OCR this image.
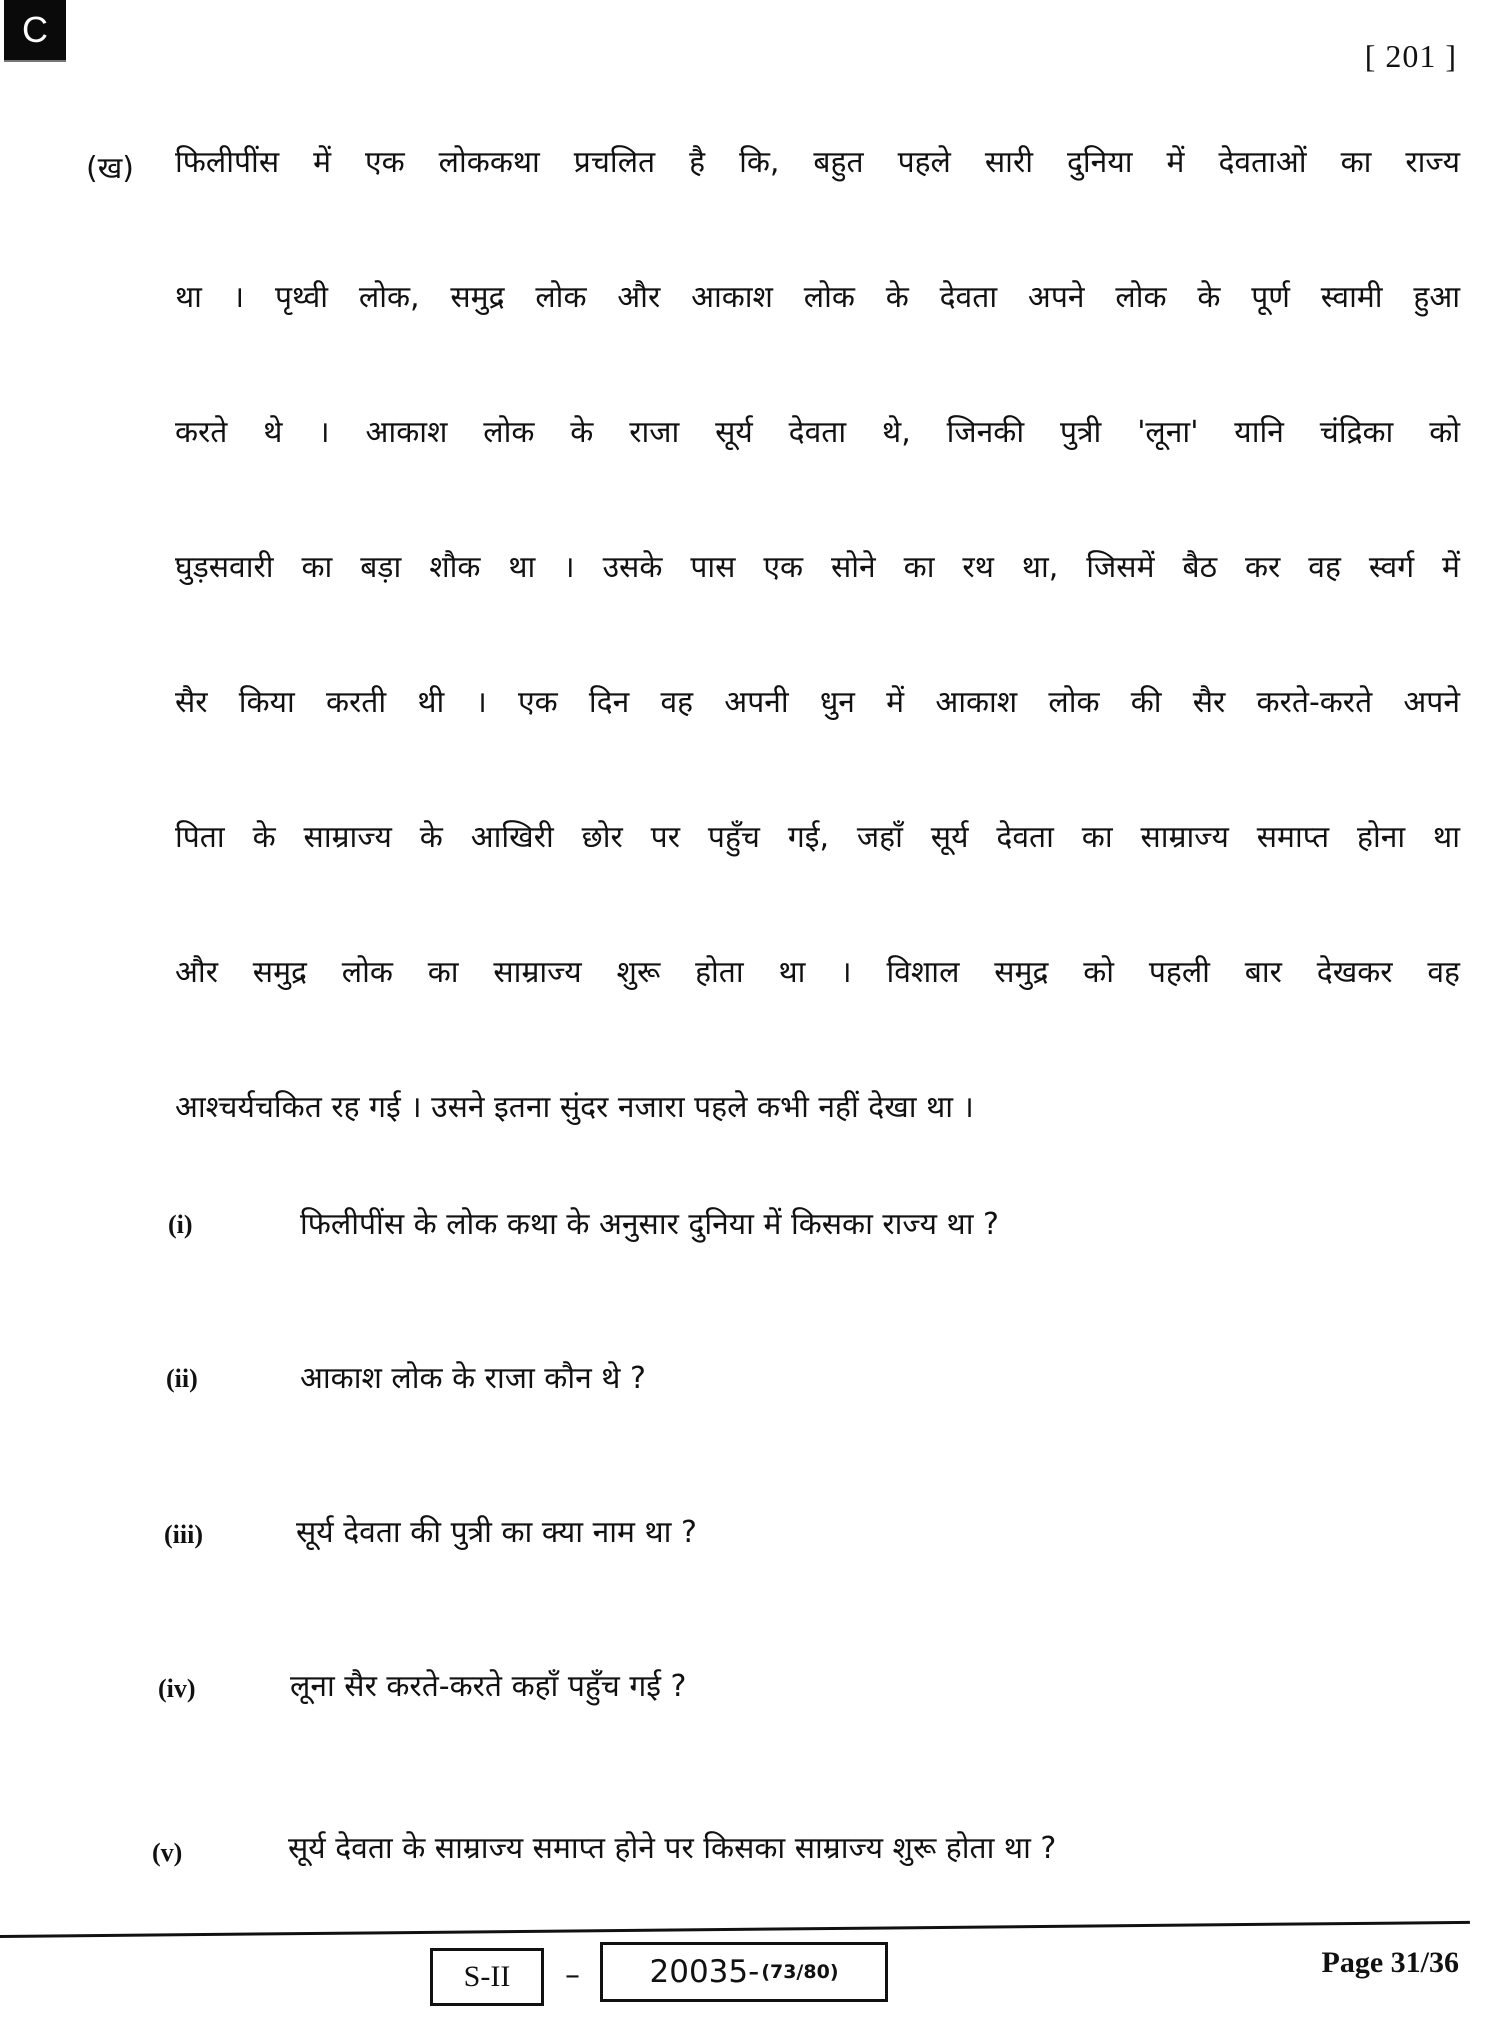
C
[ 201 ]
(ख) फिलीपींस में एक लोककथा प्रचलित है कि, बहुत पहले सारी दुनिया में देवताओं का राज्य
था । पृथ्वी लोक, समुद्र लोक और आकाश लोक के देवता अपने लोक के पूर्ण स्वामी हुआ
करते थे । आकाश लोक के राजा सूर्य देवता थे, जिनकी पुत्री 'लूना' यानि चंद्रिका को
घुड़सवारी का बड़ा शौक था । उसके पास एक सोने का रथ था, जिसमें बैठ कर वह स्वर्ग में
सैर किया करती थी । एक दिन वह अपनी धुन में आकाश लोक की सैर करते-करते अपने
पिता के साम्राज्य के आखिरी छोर पर पहुँच गई, जहाँ सूर्य देवता का साम्राज्य समाप्त होना था
और समुद्र लोक का साम्राज्य शुरू होता था । विशाल समुद्र को पहली बार देखकर वह
आश्चर्यचकित रह गई । उसने इतना सुंदर नजारा पहले कभी नहीं देखा था ।
(i)	फिलीपींस के लोक कथा के अनुसार दुनिया में किसका राज्य था ?
(ii)	आकाश लोक के राजा कौन थे ?
(iii)	सूर्य देवता की पुत्री का क्या नाम था ?
(iv)	लूना सैर करते-करते कहाँ पहुँच गई ?
(v)	सूर्य देवता के साम्राज्य समाप्त होने पर किसका साम्राज्य शुरू होता था ?
S-II – 20035- (73/80)	Page 31/36
